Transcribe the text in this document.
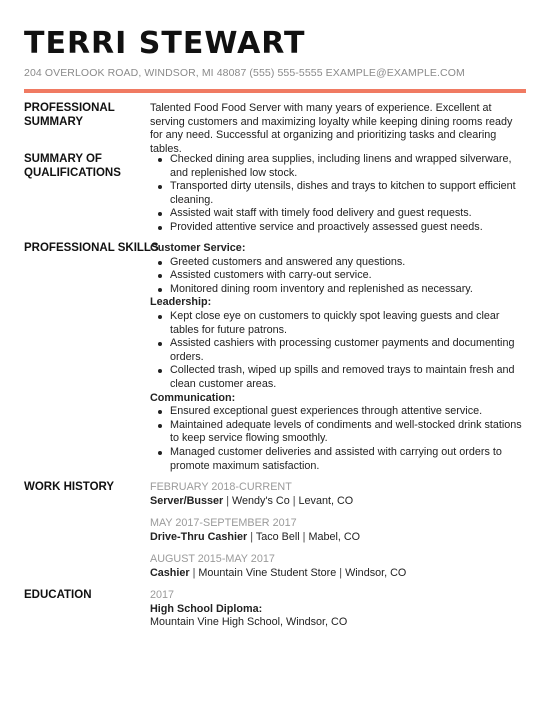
TERRI STEWART
204 OVERLOOK ROAD, WINDSOR, MI 48087 (555) 555-5555 EXAMPLE@EXAMPLE.COM
PROFESSIONAL SUMMARY

Talented Food Food Server with many years of experience. Excellent at serving customers and maximizing loyalty while keeping dining rooms ready for any need. Successful at organizing and prioritizing tasks and clearing tables.

SUMMARY OF QUALIFICATIONS
Checked dining area supplies, including linens and wrapped silverware, and replenished low stock.
Transported dirty utensils, dishes and trays to kitchen to support efficient cleaning.
Assisted wait staff with timely food delivery and guest requests.
Provided attentive service and proactively assessed guest needs.
PROFESSIONAL SKILLS

Customer Service:

Greeted customers and answered any questions.
Assisted customers with carry-out service.
Monitored dining room inventory and replenished as necessary.

Leadership:

Kept close eye on customers to quickly spot leaving guests and clear tables for future patrons.
Assisted cashiers with processing customer payments and documenting orders.
Collected trash, wiped up spills and removed trays to maintain fresh and clean customer areas.

Communication:

Ensured exceptional guest experiences through attentive service.
Maintained adequate levels of condiments and well-stocked drink stations to keep service flowing smoothly.
Managed customer deliveries and assisted with carrying out orders to promote maximum satisfaction.
WORK HISTORY	FEBRUARY 2018-CURRENT

Server/Busser | Wendy's Co | Levant, CO

MAY 2017-SEPTEMBER 2017

Drive-Thru Cashier | Taco Bell | Mabel, CO

AUGUST 2015-MAY 2017

Cashier | Mountain Vine Student Store | Windsor, CO

EDUCATION	2017

High School Diploma:

Mountain Vine High School, Windsor, CO
